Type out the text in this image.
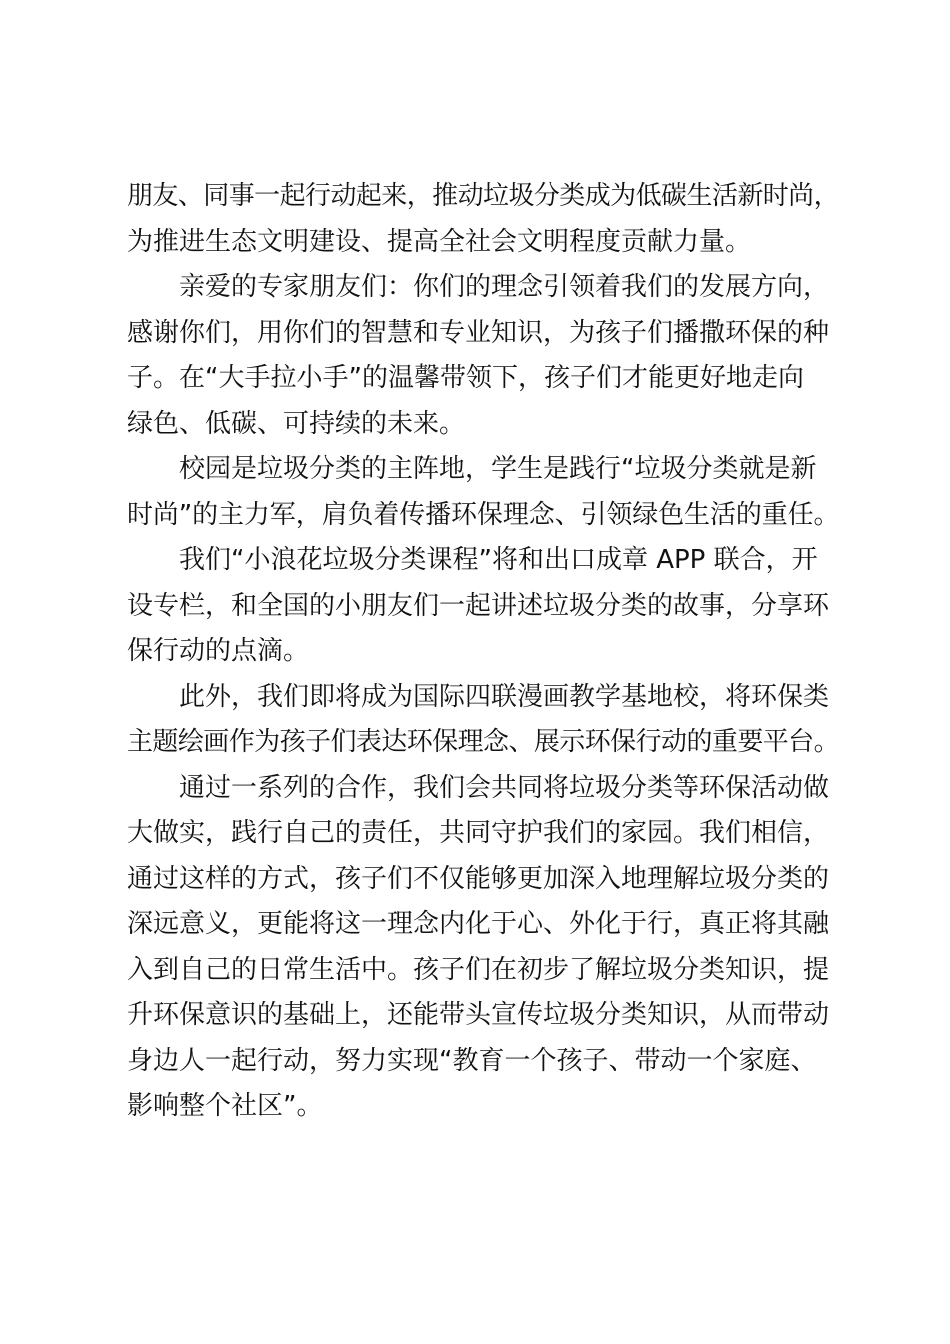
朋友、同事一起行动起来，推动垃圾分类成为低碳生活新时尚，
为推进生态文明建设、提高全社会文明程度贡献力量。
　　亲爱的专家朋友们：你们的理念引领着我们的发展方向，
感谢你们，用你们的智慧和专业知识，为孩子们播撒环保的种
子。在“大手拉小手”的温馨带领下，孩子们才能更好地走向
绿色、低碳、可持续的未来。
　　校园是垃圾分类的主阵地，学生是践行“垃圾分类就是新
时尚”的主力军，肩负着传播环保理念、引领绿色生活的重任。
　　我们“小浪花垃圾分类课程”将和出口成章 APP 联合，开
设专栏，和全国的小朋友们一起讲述垃圾分类的故事，分享环
保行动的点滴。
　　此外，我们即将成为国际四联漫画教学基地校，将环保类
主题绘画作为孩子们表达环保理念、展示环保行动的重要平台。
　　通过一系列的合作，我们会共同将垃圾分类等环保活动做
大做实，践行自己的责任，共同守护我们的家园。我们相信，
通过这样的方式，孩子们不仅能够更加深入地理解垃圾分类的
深远意义，更能将这一理念内化于心、外化于行，真正将其融
入到自己的日常生活中。孩子们在初步了解垃圾分类知识，提
升环保意识的基础上，还能带头宣传垃圾分类知识，从而带动
身边人一起行动，努力实现“教育一个孩子、带动一个家庭、
影响整个社区”。
